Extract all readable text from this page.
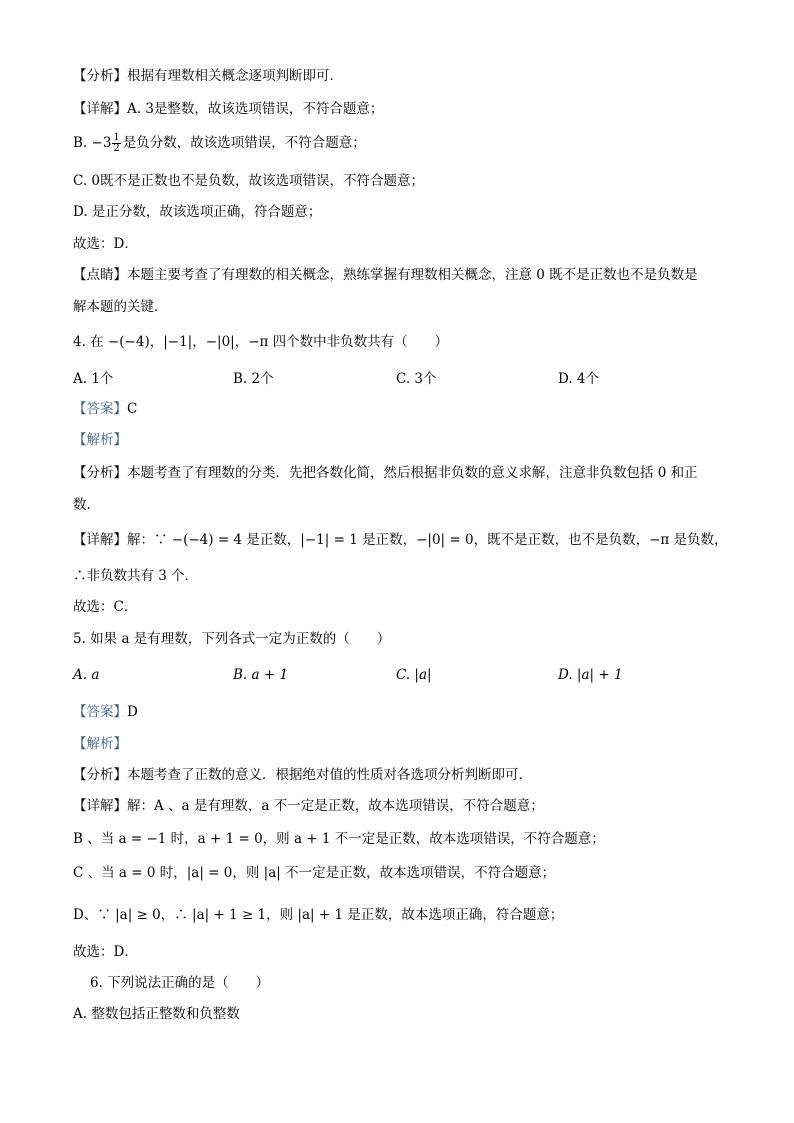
【分析】根据有理数相关概念逐项判断即可．
【详解】A. 3是整数，故该选项错误，不符合题意；
B. $-3 \frac{1}{2}$ 是负分数，故该选项错误，不符合题意；
C. 0既不是正数也不是负数，故该选项错误，不符合题意；
D. 是正分数，故该选项正确，符合题意；
故选：D．
【点睛】本题主要考查了有理数的相关概念，熟练掌握有理数相关概念，注意 0 既不是正数也不是负数是
解本题的关键．
4. 在 −(−4)，|−1|，−|0|，−π 四个数中非负数共有（　　）
A. 1个	B. 2个	C. 3个	D. 4个
【答案】C
【解析】
【分析】本题考查了有理数的分类．先把各数化简，然后根据非负数的意义求解，注意非负数包括 0 和正
数．
【详解】解：∵ −(−4) = 4 是正数，|−1| = 1 是正数，−|0| = 0，既不是正数，也不是负数，−π 是负数，
∴非负数共有 3 个．
故选：C．
5. 如果 a 是有理数，下列各式一定为正数的（　　）
A. a	B. a + 1	C. |a|	D. |a| + 1
【答案】D
【解析】
【分析】本题考查了正数的意义．根据绝对值的性质对各选项分析判断即可．
【详解】解：A 、a 是有理数，a 不一定是正数，故本选项错误，不符合题意；
B 、当 a = −1 时，a + 1 = 0，则 a + 1 不一定是正数，故本选项错误，不符合题意；
C 、当 a = 0 时，|a| = 0，则 |a| 不一定是正数，故本选项错误，不符合题意；
D、∵ |a| ≥ 0，∴ |a| + 1 ≥ 1，则 |a| + 1 是正数，故本选项正确，符合题意；
故选：D．
6. 下列说法正确的是（　　）
A. 整数包括正整数和负整数
